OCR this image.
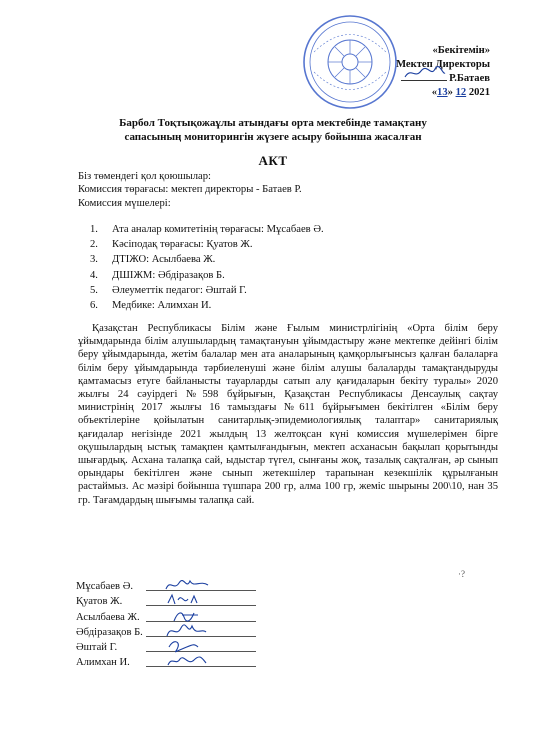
«Бекітемін»
Мектеп Директоры
Р.Батаев
«13» 12 2021
Барбол Тоқтықожаұлы атындағы орта мектебінде тамақтану
сапасының мониторингін жүзеге асыру бойынша жасалған
АКТ
Біз төмендегі қол қоюшылар:
Комиссия төрағасы: мектеп директоры - Батаев Р.
Комиссия мүшелері:
1. Ата аналар комитетінің төрағасы: Мұсабаев Ә.
2. Кәсіподақ төрағасы: Қуатов Ж.
3. ДТІЖО: Асылбаева Ж.
4. ДШІЖМ: Әбдіразақов Б.
5. Әлеуметтік педагог: Әштай Г.
6. Медбике: Алимхан И.

Қазақстан Республикасы Білім және Ғылым министрлігінің «Орта білім беру ұйымдарында білім алушылардың тамақтануын ұйымдастыру және мектепке дейінгі білім беру ұйымдарында, жетім балалар мен ата аналарының қамқорлығынсыз қалған балаларға білім беру ұйымдарында тәрбиеленуші және білім алушы балаларды тамақтандыруды қамтамасыз етуге байланысты тауарларды сатып алу қағидаларын бекіту туралы» 2020 жылғы 24 сәуірдегі №598 бұйрығын, Қазақстан Республикасы Денсаулық сақтау министрінің 2017 жылғы 16 тамыздағы №611 бұйрығымен бекітілген «Білім беру объектілеріне қойылатын санитарлық-эпидемиологиялық талаптар» санитариялық қағидалар негізінде 2021 жылдың 13 желтоқсан күні комиссия мүшелерімен бірге оқушылардың ыстық тамақпен қамтылғандығын, мектеп асханасын бақылап қорытынды шығардық. Асхана талапқа сай, ыдыстар түгел, сынғаны жоқ, тазалық сақталған, әр сынып орындары бекітілген және сынып жетекшілер тарапынан кезекшілік құрылғанын растаймыз. Ас мәзірі бойынша түшпара 200 гр, алма 100 гр, жеміс шырыны 200\10, нан 35 гр. Тағамдардың шығымы талапқа сай.

·?
Мұсабаев Ә.
Қуатов Ж.
Асылбаева Ж.
Әбдіразақов Б.
Әштай Г.
Алимхан И.
